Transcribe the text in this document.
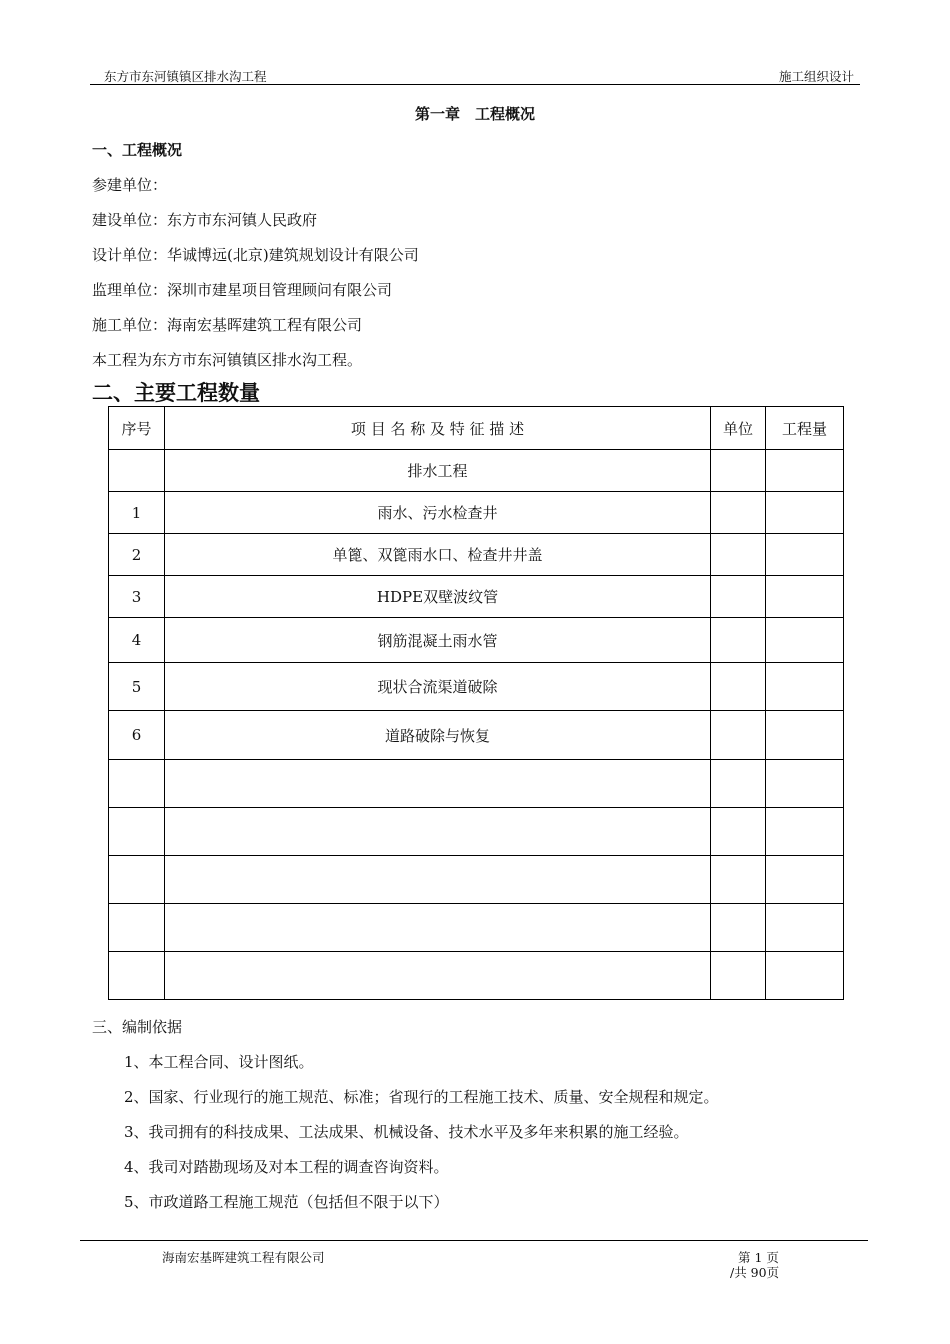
东方市东河镇镇区排水沟工程	施工组织设计
第一章　工程概况
一、工程概况
参建单位：
建设单位：东方市东河镇人民政府
设计单位：华诚博远(北京)建筑规划设计有限公司
监理单位：深圳市建星项目管理顾问有限公司
施工单位：海南宏基晖建筑工程有限公司
本工程为东方市东河镇镇区排水沟工程。
二、主要工程数量
序号	项 目 名 称 及 特 征 描 述	单位	工程量
	排水工程		
1	雨水、污水检查井		
2	单篦、双篦雨水口、检查井井盖		
3	HDPE双壁波纹管		
4	钢筋混凝土雨水管		
5	现状合流渠道破除		
6	道路破除与恢复		

三、编制依据
1、本工程合同、设计图纸。
2、国家、行业现行的施工规范、标准；省现行的工程施工技术、质量、安全规程和规定。
3、我司拥有的科技成果、工法成果、机械设备、技术水平及多年来积累的施工经验。
4、我司对踏勘现场及对本工程的调查咨询资料。
5、市政道路工程施工规范（包括但不限于以下）
海南宏基晖建筑工程有限公司	第 1 页
/共 90页
